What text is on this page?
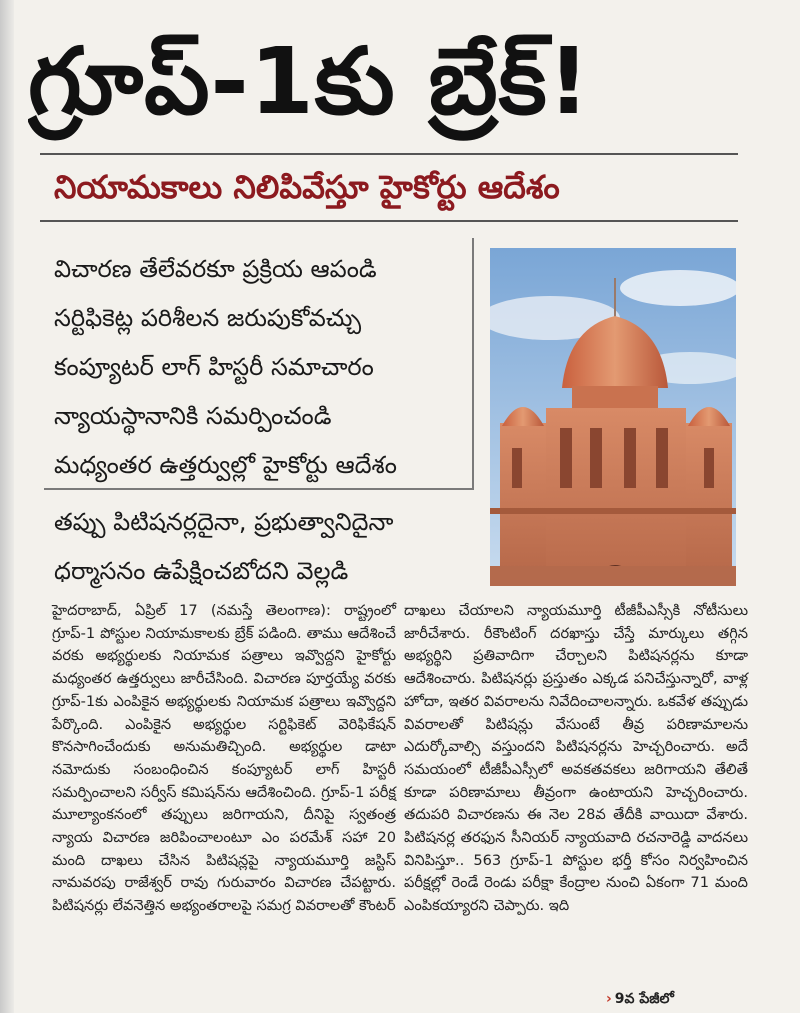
గ్రూప్‌-1కు బ్రేక్‌!
నియామకాలు నిలిపివేస్తూ హైకోర్టు ఆదేశం
విచారణ తేలేవరకూ ప్రక్రియ ఆపండి
సర్టిఫికెట్ల పరిశీలన జరుపుకోవచ్చు
కంప్యూటర్‌ లాగ్‌ హిస్టరీ సమాచారం
న్యాయస్థానానికి సమర్పించండి
మధ్యంతర ఉత్తర్వుల్లో హైకోర్టు ఆదేశం
తప్పు పిటిషనర్లదైనా, ప్రభుత్వానిదైనా
ధర్మాసనం ఉపేక్షించబోదని వెల్లడి

హైదరాబాద్‌, ఏప్రిల్‌ 17 (నమస్తే తెలంగాణ): రాష్ట్రంలో గ్రూప్‌-1 పోస్టుల నియామకాలకు బ్రేక్‌ పడింది. తాము ఆదేశించే వరకు అభ్యర్థులకు నియామక పత్రాలు ఇవ్వొద్దని హైకోర్టు మధ్యంతర ఉత్తర్వులు జారీచేసింది. విచారణ పూర్తయ్యే వరకు గ్రూప్‌-1కు ఎంపికైన అభ్యర్థులకు నియామక పత్రాలు ఇవ్వొద్దని పేర్కొంది. ఎంపికైన అభ్యర్థుల సర్టిఫికెట్‌ వెరిఫికేషన్‌ కొనసాగించేందుకు అనుమతిచ్చింది. అభ్యర్థుల డాటా నమోదుకు సంబంధించిన కంప్యూటర్‌ లాగ్‌ హిస్టరీ సమర్పించాలని సర్వీస్‌ కమిషన్‌ను ఆదేశించింది. గ్రూప్‌-1 పరీక్ష మూల్యాంకనంలో తప్పులు జరిగాయని, దీనిపై స్వతంత్ర న్యాయ విచారణ జరిపించాలంటూ ఎం పరమేశ్‌ సహా 20 మంది దాఖలు చేసిన పిటిషన్లపై న్యాయమూర్తి జస్టిస్‌ నామవరపు రాజేశ్వర్‌ రావు గురువారం విచారణ చేపట్టారు. పిటిషనర్లు లేవనెత్తిన అభ్యంతరాలపై సమగ్ర వివరాలతో కౌంటర్‌

దాఖలు చేయాలని న్యాయమూర్తి టీజీపీఎస్సీకి నోటీసులు జారీచేశారు. రీకౌంటింగ్‌ దరఖాస్తు చేస్తే మార్కులు తగ్గిన అభ్యర్థిని ప్రతివాదిగా చేర్చాలని పిటిషనర్లను కూడా ఆదేశించారు. పిటిషనర్లు ప్రస్తుతం ఎక్కడ పనిచేస్తున్నారో, వాళ్ల హోదా, ఇతర వివరాలను నివేదించాలన్నారు. ఒకవేళ తప్పుడు వివరాలతో పిటిషన్లు వేసుంటే తీవ్ర పరిణామాలను ఎదుర్కోవాల్సి వస్తుందని పిటిషనర్లను హెచ్చరించారు. అదే సమయంలో టీజీపీఎస్సీలో అవకతవకలు జరిగాయని తేలితే కూడా పరిణామాలు తీవ్రంగా ఉంటాయని హెచ్చరించారు. తదుపరి విచారణను ఈ నెల 28వ తేదీకి వాయిదా వేశారు. పిటిషనర్ల తరఫున సీనియర్‌ న్యాయవాది రచనారెడ్డి వాదనలు వినిపిస్తూ.. 563 గ్రూప్‌-1 పోస్టుల భర్తీ కోసం నిర్వహించిన పరీక్షల్లో రెండే రెండు పరీక్షా కేంద్రాల నుంచి ఏకంగా 71 మంది ఎంపికయ్యారని చెప్పారు. ఇది

› 9వ పేజీలో
